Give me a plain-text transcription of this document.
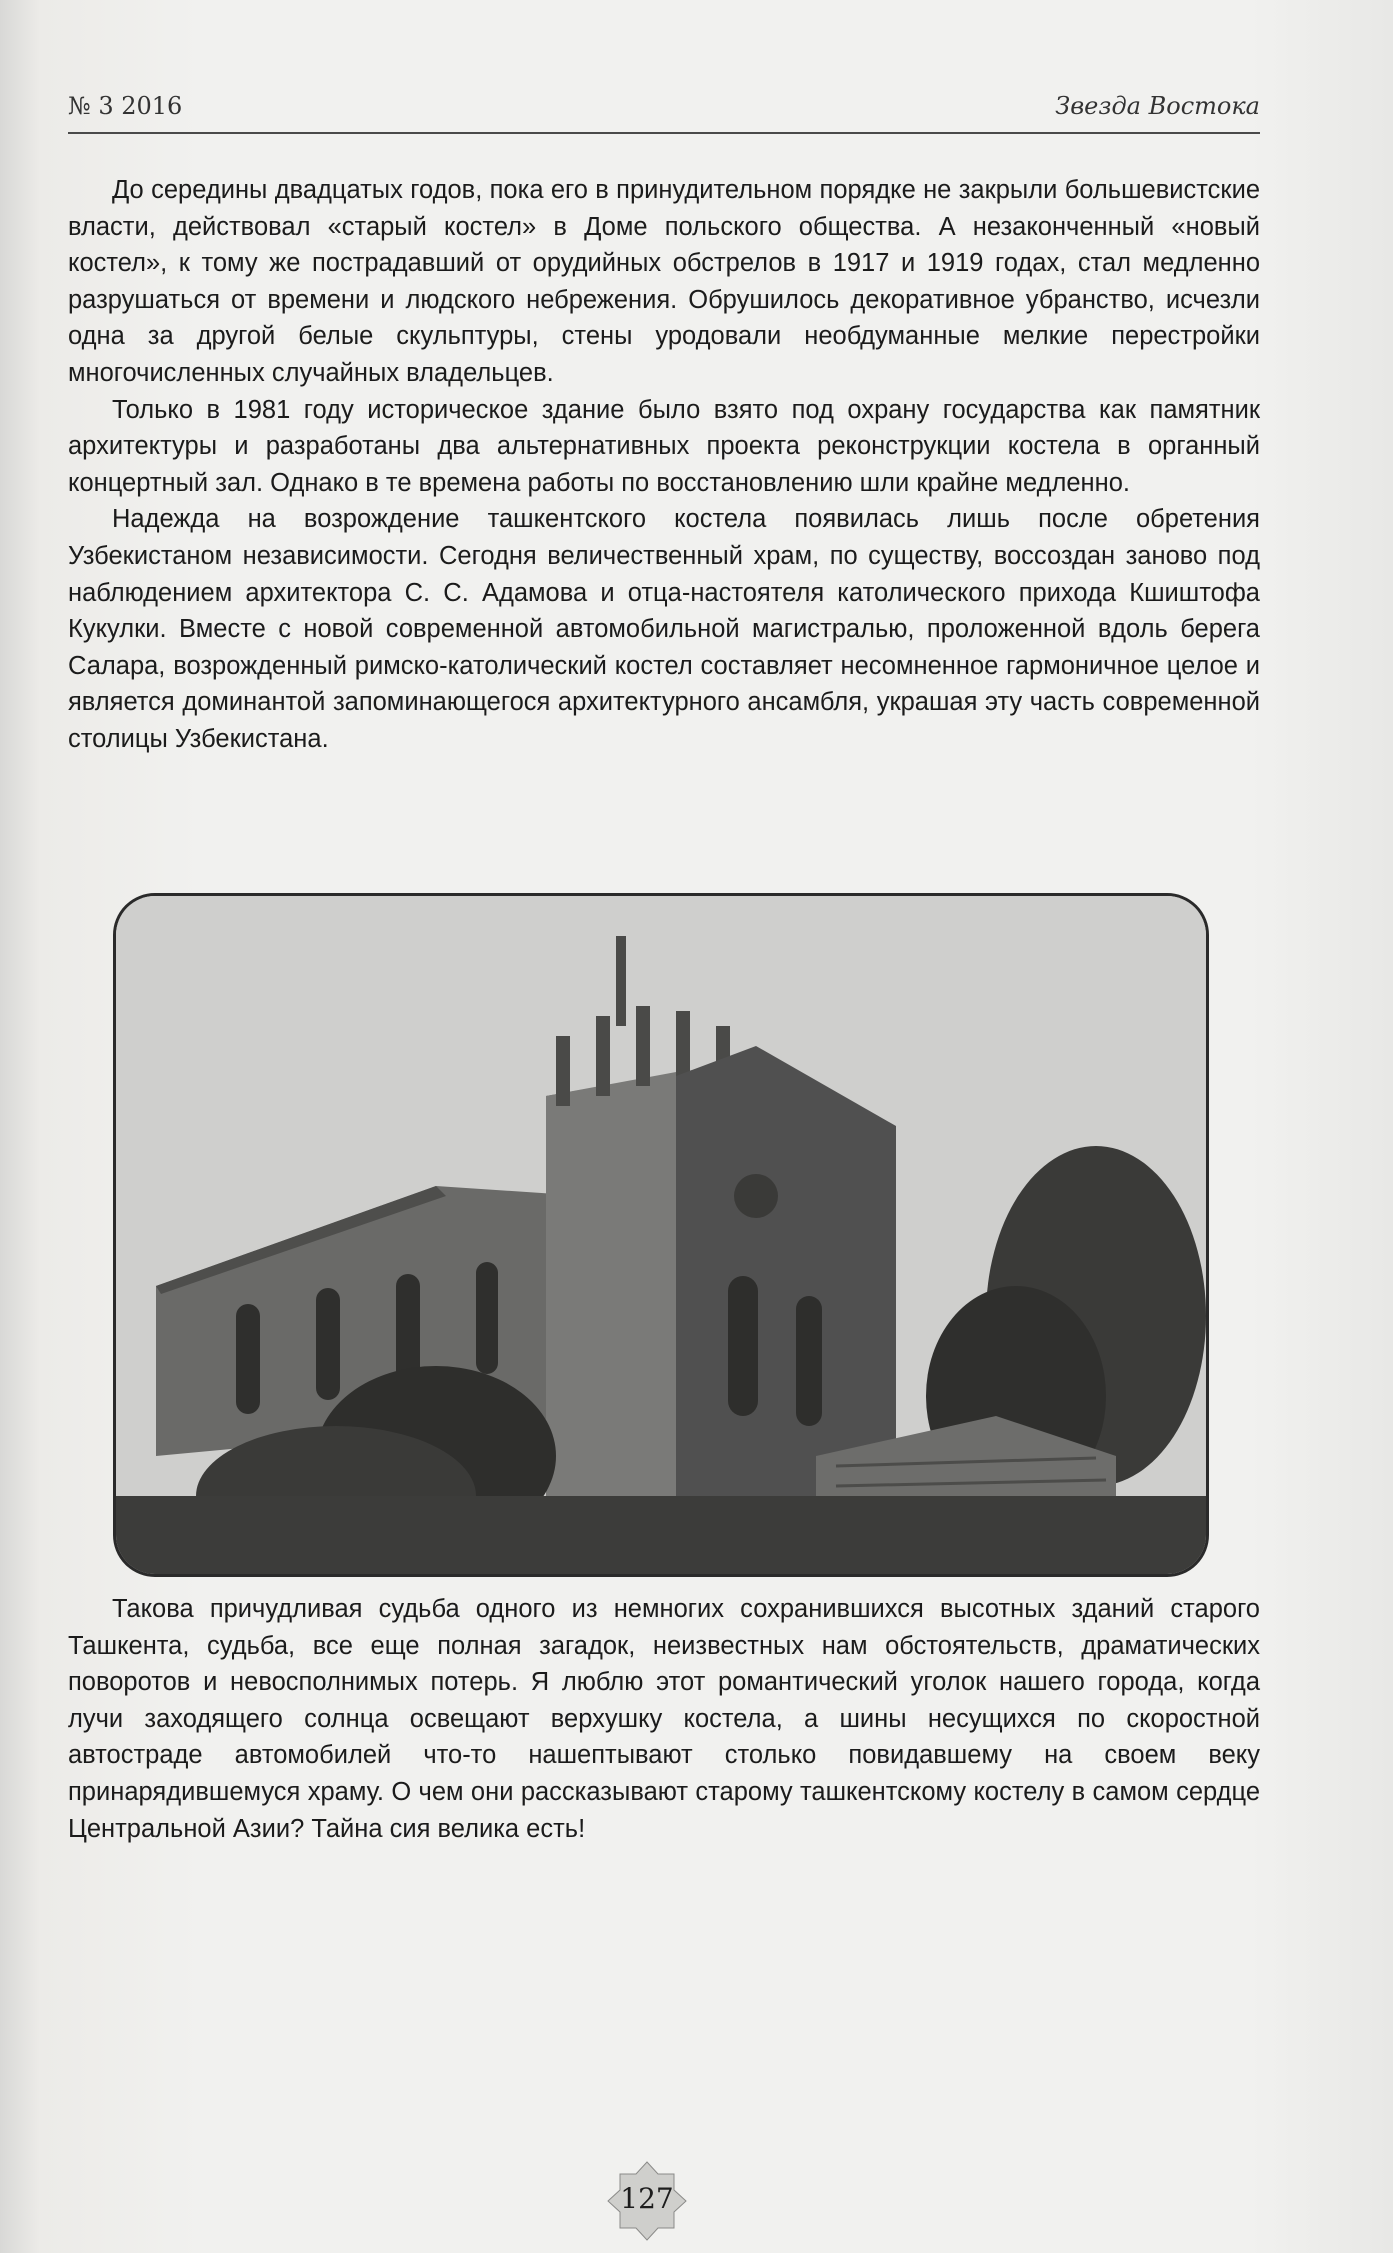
№ 3 2016	Звезда Востока

До середины двадцатых годов, пока его в принудительном порядке не закрыли большевистские власти, действовал «старый костел» в Доме польского общества. А незаконченный «новый костел», к тому же пострадавший от орудийных обстрелов в 1917 и 1919 годах, стал медленно разрушаться от времени и людского небрежения. Обрушилось декоративное убранство, исчезли одна за другой белые скульптуры, стены уродовали необдуманные мелкие перестройки многочисленных случайных владельцев.

Только в 1981 году историческое здание было взято под охрану государства как памятник архитектуры и разработаны два альтернативных проекта реконструкции костела в органный концертный зал. Однако в те времена работы по восстановлению шли крайне медленно.

Надежда на возрождение ташкентского костела появилась лишь после обретения Узбекистаном независимости. Сегодня величественный храм, по существу, воссоздан заново под наблюдением архитектора С. С. Адамова и отца-настоятеля католического прихода Кшиштофа Кукулки. Вместе с новой современной автомобильной магистралью, проложенной вдоль берега Салара, возрожденный римско-католический костел составляет несомненное гармоничное целое и является доминантой запоминающегося архитектурного ансамбля, украшая эту часть современной столицы Узбекистана.

Такова причудливая судьба одного из немногих сохранившихся высотных зданий старого Ташкента, судьба, все еще полная загадок, неизвестных нам обстоятельств, драматических поворотов и невосполнимых потерь. Я люблю этот романтический уголок нашего города, когда лучи заходящего солнца освещают верхушку костела, а шины несущихся по скоростной автостраде автомобилей что-то нашептывают столько повидавшему на своем веку принарядившемуся храму. О чем они рассказывают старому ташкентскому костелу в самом сердце Центральной Азии? Тайна сия велика есть!

127
